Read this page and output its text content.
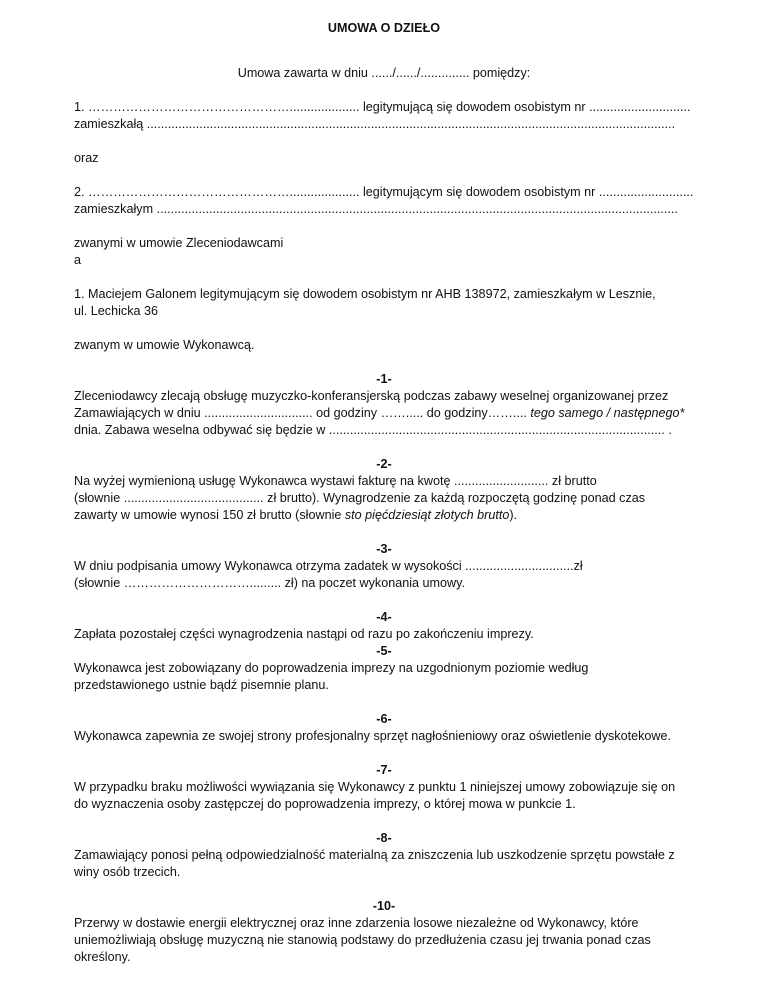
UMOWA O DZIEŁO

Umowa zawarta w dniu ....../....../.............. pomiędzy:

1. ………………………………………….................... legitymującą się dowodem osobistym nr .............................

zamieszkałą .......................................................................................................................................................

oraz

2. ………………………………………….................... legitymującym się dowodem osobistym nr ...........................

zamieszkałym .....................................................................................................................................................

zwanymi w umowie Zleceniodawcami

a

1. Maciejem Galonem legitymującym się dowodem osobistym nr AHB 138972, zamieszkałym w Lesznie,

ul. Lechicka 36

zwanym w umowie Wykonawcą.

-1-

Zleceniodawcy zlecają obsługę muzyczko-konferansjerską podczas zabawy weselnej organizowanej przez

Zamawiających w dniu ............................... od godziny ……..... do godziny…….... tego samego / następnego*

dnia. Zabawa weselna odbywać się będzie w ................................................................................................ .

-2-

Na wyżej wymienioną usługę Wykonawca wystawi fakturę na kwotę ........................... zł brutto

(słownie ........................................ zł brutto). Wynagrodzenie za każdą rozpoczętą godzinę ponad czas

zawarty w umowie wynosi 150 zł brutto (słownie sto pięćdziesiąt złotych brutto).

-3-

W dniu podpisania umowy Wykonawca otrzyma zadatek w wysokości ...............................zł

(słownie …………………………......... zł) na poczet wykonania umowy.

-4-

Zapłata pozostałej części wynagrodzenia nastąpi od razu po zakończeniu imprezy.

-5-

Wykonawca jest zobowiązany do poprowadzenia imprezy na uzgodnionym poziomie według

przedstawionego ustnie bądź pisemnie planu.

-6-

Wykonawca zapewnia ze swojej strony profesjonalny sprzęt nagłośnieniowy oraz oświetlenie dyskotekowe.

-7-

W przypadku braku możliwości wywiązania się Wykonawcy z punktu 1 niniejszej umowy zobowiązuje się on

do wyznaczenia osoby zastępczej do poprowadzenia imprezy, o której mowa w punkcie 1.

-8-

Zamawiający ponosi pełną odpowiedzialność materialną za zniszczenia lub uszkodzenie sprzętu powstałe z

winy osób trzecich.

-10-

Przerwy w dostawie energii elektrycznej oraz inne zdarzenia losowe niezależne od Wykonawcy, które

uniemożliwiają obsługę muzyczną nie stanowią podstawy do przedłużenia czasu jej trwania ponad czas

określony.
